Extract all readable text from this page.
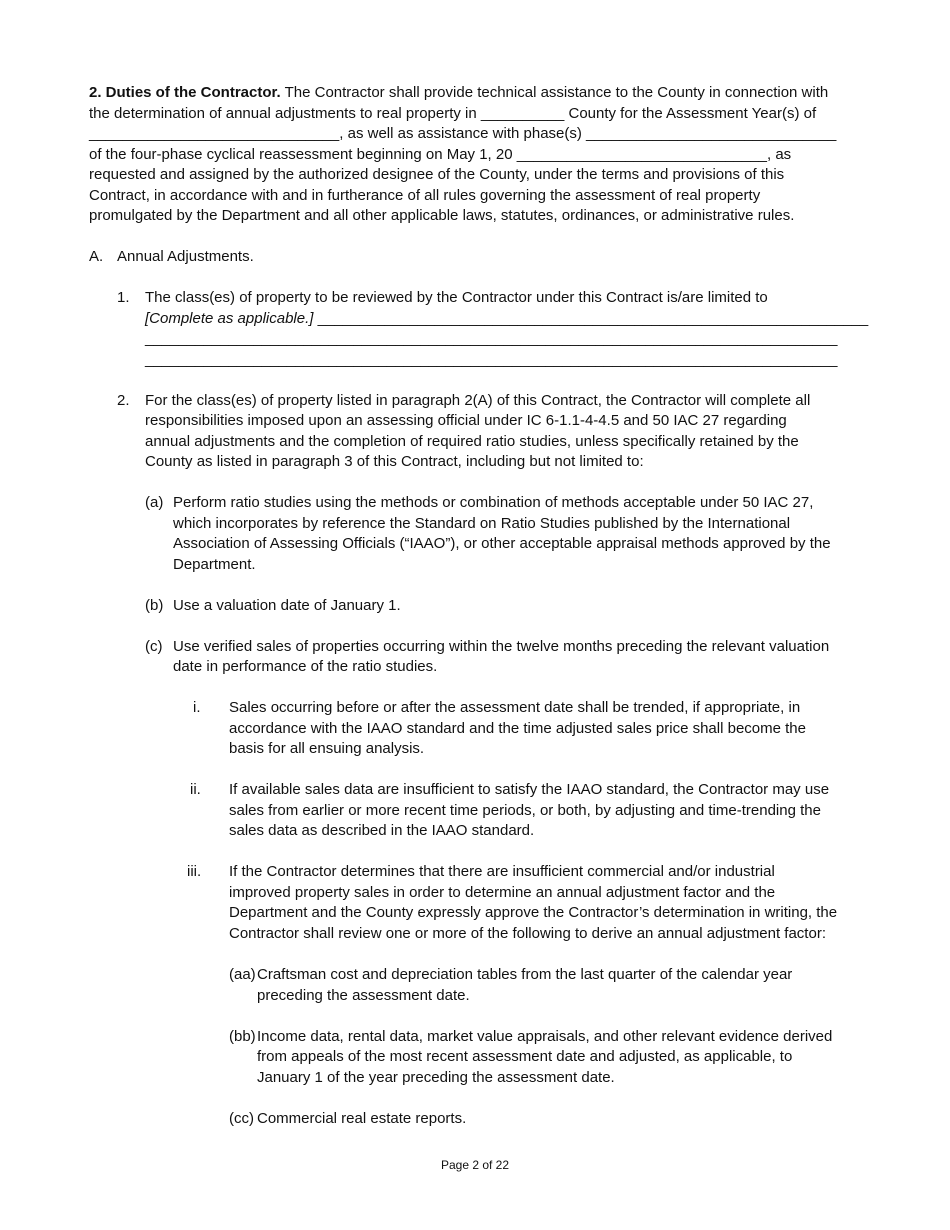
2. Duties of the Contractor. The Contractor shall provide technical assistance to the County in connection with
the determination of annual adjustments to real property in __________ County for the Assessment Year(s) of
______________________________, as well as assistance with phase(s) ______________________________
of the four-phase cyclical reassessment beginning on May 1, 20 ______________________________, as
requested and assigned by the authorized designee of the County, under the terms and provisions of this
Contract, in accordance with and in furtherance of all rules governing the assessment of real property
promulgated by the Department and all other applicable laws, statutes, ordinances, or administrative rules.
A. Annual Adjustments.
1. The class(es) of property to be reviewed by the Contractor under this Contract is/are limited to
[Complete as applicable.] __________________________________________________________________
___________________________________________________________________________________
___________________________________________________________________________________
2. For the class(es) of property listed in paragraph 2(A) of this Contract, the Contractor will complete all
responsibilities imposed upon an assessing official under IC 6-1.1-4-4.5 and 50 IAC 27 regarding
annual adjustments and the completion of required ratio studies, unless specifically retained by the
County as listed in paragraph 3 of this Contract, including but not limited to:
(a) Perform ratio studies using the methods or combination of methods acceptable under 50 IAC 27,
which incorporates by reference the Standard on Ratio Studies published by the International
Association of Assessing Officials (“IAAO”), or other acceptable appraisal methods approved by the
Department.
(b) Use a valuation date of January 1.
(c) Use verified sales of properties occurring within the twelve months preceding the relevant valuation
date in performance of the ratio studies.
i. Sales occurring before or after the assessment date shall be trended, if appropriate, in
accordance with the IAAO standard and the time adjusted sales price shall become the
basis for all ensuing analysis.
ii. If available sales data are insufficient to satisfy the IAAO standard, the Contractor may use
sales from earlier or more recent time periods, or both, by adjusting and time-trending the
sales data as described in the IAAO standard.
iii. If the Contractor determines that there are insufficient commercial and/or industrial
improved property sales in order to determine an annual adjustment factor and the
Department and the County expressly approve the Contractor’s determination in writing, the
Contractor shall review one or more of the following to derive an annual adjustment factor:
(aa) Craftsman cost and depreciation tables from the last quarter of the calendar year
preceding the assessment date.
(bb) Income data, rental data, market value appraisals, and other relevant evidence derived
from appeals of the most recent assessment date and adjusted, as applicable, to
January 1 of the year preceding the assessment date.
(cc) Commercial real estate reports.
Page 2 of 22
